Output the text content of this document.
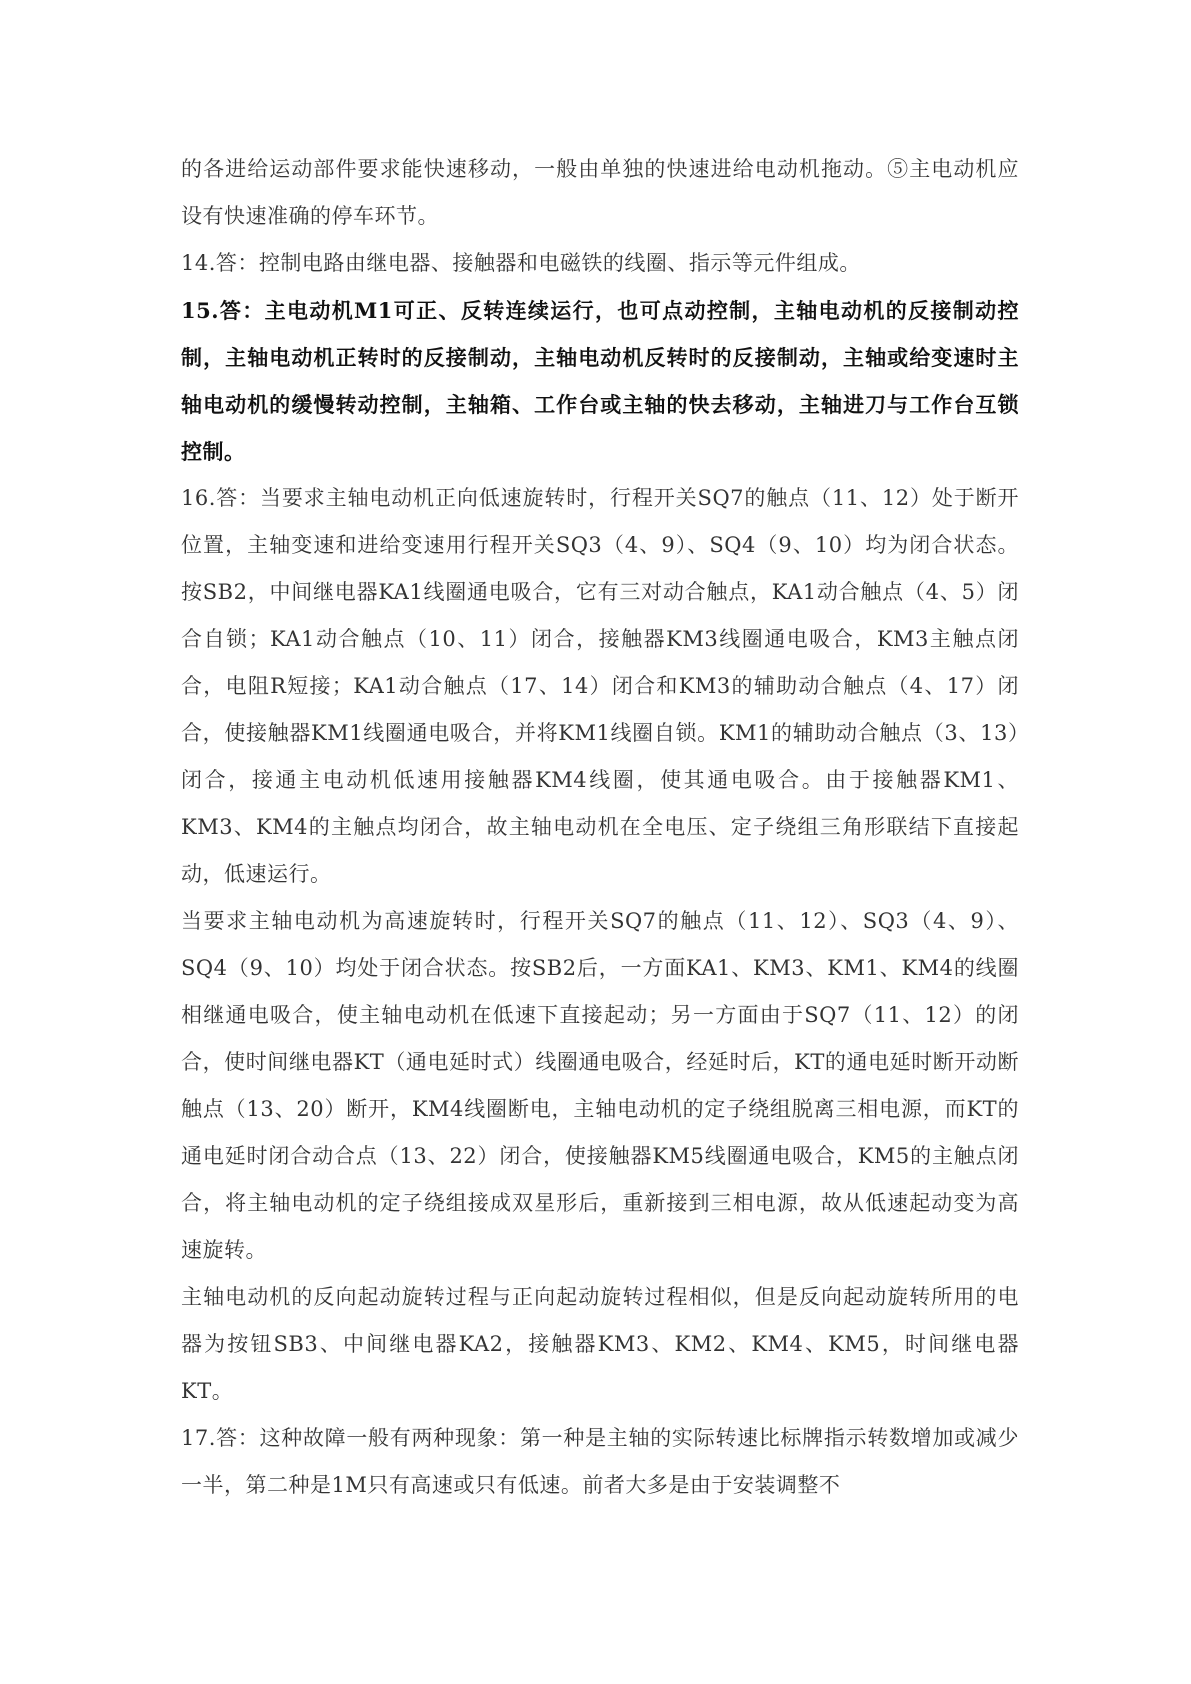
的各进给运动部件要求能快速移动，一般由单独的快速进给电动机拖动。⑤主电动机应设有快速准确的停车环节。

14.答：控制电路由继电器、接触器和电磁铁的线圈、指示等元件组成。

15.答：主电动机M1可正、反转连续运行，也可点动控制，主轴电动机的反接制动控制，主轴电动机正转时的反接制动，主轴电动机反转时的反接制动，主轴或给变速时主轴电动机的缓慢转动控制，主轴箱、工作台或主轴的快去移动，主轴进刀与工作台互锁控制。

16.答：当要求主轴电动机正向低速旋转时，行程开关SQ7的触点（11、12）处于断开位置，主轴变速和进给变速用行程开关SQ3（4、9）、SQ4（9、10）均为闭合状态。按SB2，中间继电器KA1线圈通电吸合，它有三对动合触点，KA1动合触点（4、5）闭合自锁；KA1动合触点（10、11）闭合，接触器KM3线圈通电吸合，KM3主触点闭合，电阻R短接；KA1动合触点（17、14）闭合和KM3的辅助动合触点（4、17）闭合，使接触器KM1线圈通电吸合，并将KM1线圈自锁。KM1的辅助动合触点（3、13）闭合，接通主电动机低速用接触器KM4线圈，使其通电吸合。由于接触器KM1、KM3、KM4的主触点均闭合，故主轴电动机在全电压、定子绕组三角形联结下直接起动，低速运行。

当要求主轴电动机为高速旋转时，行程开关SQ7的触点（11、12）、SQ3（4、9）、SQ4（9、10）均处于闭合状态。按SB2后，一方面KA1、KM3、KM1、KM4的线圈相继通电吸合，使主轴电动机在低速下直接起动；另一方面由于SQ7（11、12）的闭合，使时间继电器KT（通电延时式）线圈通电吸合，经延时后，KT的通电延时断开动断触点（13、20）断开，KM4线圈断电，主轴电动机的定子绕组脱离三相电源，而KT的通电延时闭合动合点（13、22）闭合，使接触器KM5线圈通电吸合，KM5的主触点闭合，将主轴电动机的定子绕组接成双星形后，重新接到三相电源，故从低速起动变为高速旋转。

主轴电动机的反向起动旋转过程与正向起动旋转过程相似，但是反向起动旋转所用的电器为按钮SB3、中间继电器KA2，接触器KM3、KM2、KM4、KM5，时间继电器KT。

17.答：这种故障一般有两种现象：第一种是主轴的实际转速比标牌指示转数增加或减少一半，第二种是1M只有高速或只有低速。前者大多是由于安装调整不
